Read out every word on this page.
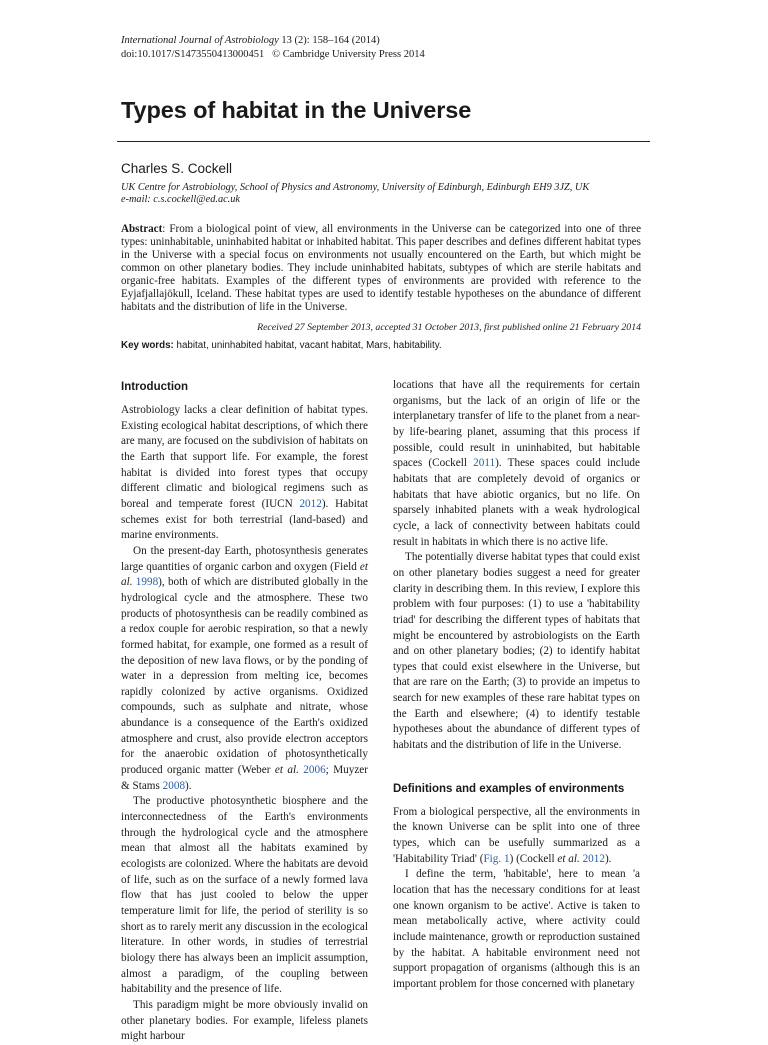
International Journal of Astrobiology 13 (2): 158–164 (2014)
doi:10.1017/S1473550413000451 © Cambridge University Press 2014
Types of habitat in the Universe
Charles S. Cockell
UK Centre for Astrobiology, School of Physics and Astronomy, University of Edinburgh, Edinburgh EH9 3JZ, UK
e-mail: c.s.cockell@ed.ac.uk
Abstract: From a biological point of view, all environments in the Universe can be categorized into one of three types: uninhabitable, uninhabited habitat or inhabited habitat. This paper describes and defines different habitat types in the Universe with a special focus on environments not usually encountered on the Earth, but which might be common on other planetary bodies. They include uninhabited habitats, subtypes of which are sterile habitats and organic-free habitats. Examples of the different types of environments are provided with reference to the Eyjafjallajökull, Iceland. These habitat types are used to identify testable hypotheses on the abundance of different habitats and the distribution of life in the Universe.
Received 27 September 2013, accepted 31 October 2013, first published online 21 February 2014
Key words: habitat, uninhabited habitat, vacant habitat, Mars, habitability.
Introduction

Astrobiology lacks a clear definition of habitat types. Existing ecological habitat descriptions, of which there are many, are focused on the subdivision of habitats on the Earth that support life. For example, the forest habitat is divided into forest types that occupy different climatic and biological regimens such as boreal and temperate forest (IUCN 2012). Habitat schemes exist for both terrestrial (land-based) and marine environments.

On the present-day Earth, photosynthesis generates large quantities of organic carbon and oxygen (Field et al. 1998), both of which are distributed globally in the hydrological cycle and the atmosphere. These two products of photosynthesis can be readily combined as a redox couple for aerobic respiration, so that a newly formed habitat, for example, one formed as a result of the deposition of new lava flows, or by the ponding of water in a depression from melting ice, becomes rapidly colonized by active organisms. Oxidized compounds, such as sulphate and nitrate, whose abundance is a consequence of the Earth's oxidized atmosphere and crust, also provide electron acceptors for the anaerobic oxidation of photosynthetically produced organic matter (Weber et al. 2006; Muyzer & Stams 2008).

The productive photosynthetic biosphere and the interconnectedness of the Earth's environments through the hydrological cycle and the atmosphere mean that almost all the habitats examined by ecologists are colonized. Where the habitats are devoid of life, such as on the surface of a newly formed lava flow that has just cooled to below the upper temperature limit for life, the period of sterility is so short as to rarely merit any discussion in the ecological literature. In other words, in studies of terrestrial biology there has always been an implicit assumption, almost a paradigm, of the coupling between habitability and the presence of life.

This paradigm might be more obviously invalid on other planetary bodies. For example, lifeless planets might harbour

locations that have all the requirements for certain organisms, but the lack of an origin of life or the interplanetary transfer of life to the planet from a near-by life-bearing planet, assuming that this process if possible, could result in uninhabited, but habitable spaces (Cockell 2011). These spaces could include habitats that are completely devoid of organics or habitats that have abiotic organics, but no life. On sparsely inhabited planets with a weak hydrological cycle, a lack of connectivity between habitats could result in habitats in which there is no active life.

The potentially diverse habitat types that could exist on other planetary bodies suggest a need for greater clarity in describing them. In this review, I explore this problem with four purposes: (1) to use a 'habitability triad' for describing the different types of habitats that might be encountered by astrobiologists on the Earth and on other planetary bodies; (2) to identify habitat types that could exist elsewhere in the Universe, but that are rare on the Earth; (3) to provide an impetus to search for new examples of these rare habitat types on the Earth and elsewhere; (4) to identify testable hypotheses about the abundance of different types of habitats and the distribution of life in the Universe.

Definitions and examples of environments

From a biological perspective, all the environments in the known Universe can be split into one of three types, which can be usefully summarized as a 'Habitability Triad' (Fig. 1) (Cockell et al. 2012).

I define the term, 'habitable', here to mean 'a location that has the necessary conditions for at least one known organism to be active'. Active is taken to mean metabolically active, where activity could include maintenance, growth or reproduction sustained by the habitat. A habitable environment need not support propagation of organisms (although this is an important problem for those concerned with planetary
